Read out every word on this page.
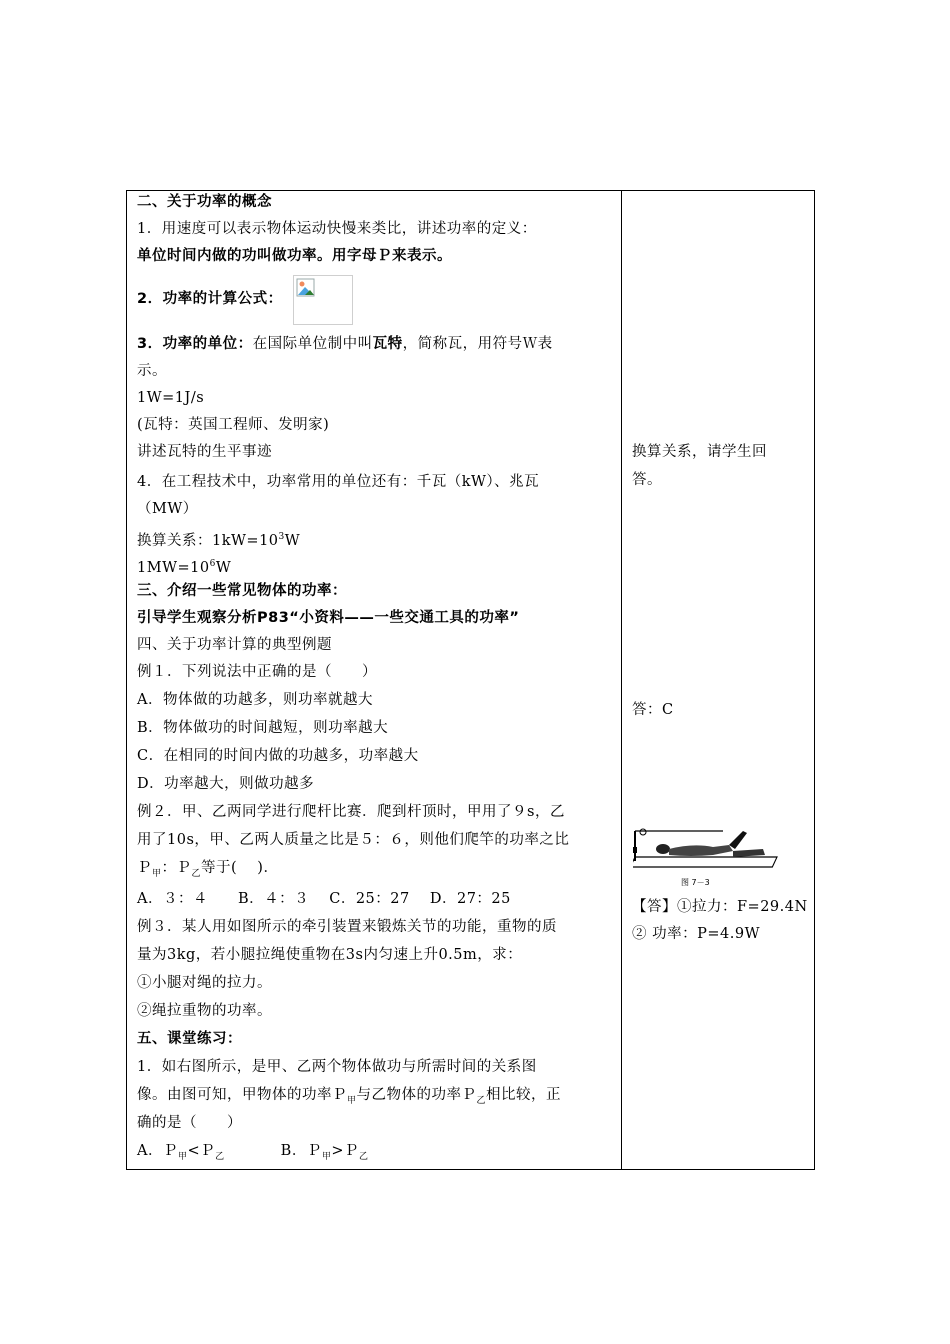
二、关于功率的概念
1．用速度可以表示物体运动快慢来类比，讲述功率的定义：
单位时间内做的功叫做功率。用字母Ｐ来表示。
2．功率的计算公式：
3．功率的单位：在国际单位制中叫瓦特，简称瓦，用符号Ｗ表
示。
1W=1J/s
(瓦特：英国工程师、发明家)
讲述瓦特的生平事迹
4．在工程技术中，功率常用的单位还有：千瓦（kW）、兆瓦
（MW）
换算关系：$1kW=10^3W$
$1MW=10^6W$
三、介绍一些常见物体的功率：
引导学生观察分析P83“小资料——一些交通工具的功率”
四、关于功率计算的典型例题
例１．下列说法中正确的是（　　）
A．物体做的功越多，则功率就越大
B．物体做功的时间越短，则功率越大
C．在相同的时间内做的功越多，功率越大
D．功率越大，则做功越多
例２．甲、乙两同学进行爬杆比赛．爬到杆顶时，甲用了９s，乙
用了10s，甲、乙两人质量之比是５：６，则他们爬竿的功率之比
Ｐ$_甲$：Ｐ$_乙$等于(　 )．
A．３：４　　B．４：３　 C．25：27　 D．27：25
例３．某人用如图所示的牵引装置来锻炼关节的功能，重物的质
量为3kg，若小腿拉绳使重物在3s内匀速上升0.5m，求：
①小腿对绳的拉力。
②绳拉重物的功率。
五、课堂练习：
1．如右图所示，是甲、乙两个物体做功与所需时间的关系图
像。由图可知，甲物体的功率Ｐ$_甲$与乙物体的功率Ｐ$_乙$相比较，正
确的是（　　）
A．Ｐ$_甲$<Ｐ$_乙$	B．Ｐ$_甲$>Ｐ$_乙$
换算关系，请学生回
答。
答：C
图 7－3
【答】①拉力：F=29.4N
② 功率：P=4.9W
